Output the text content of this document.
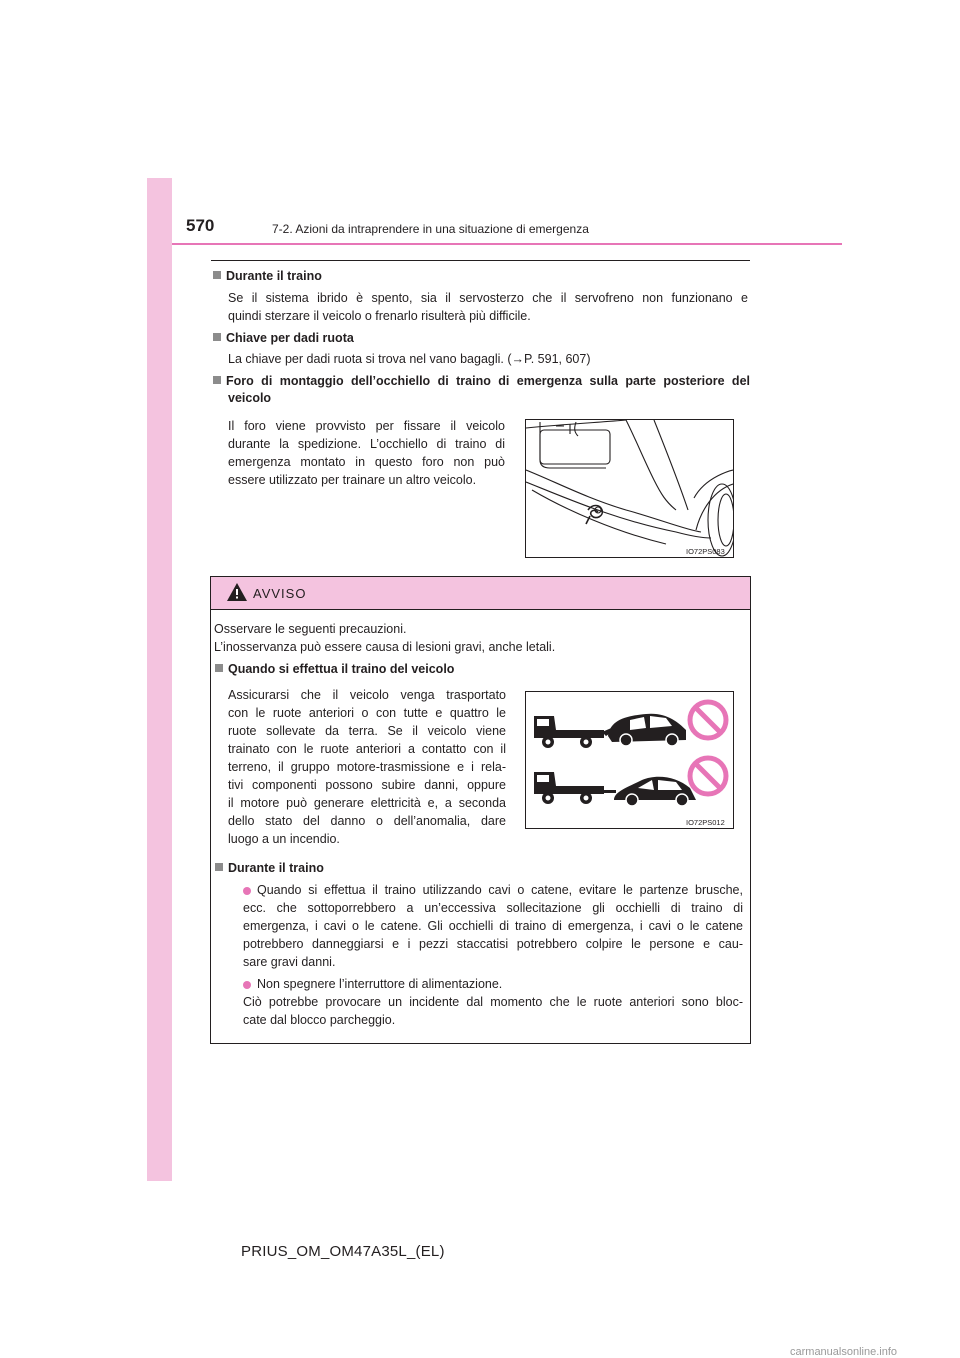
570	7-2. Azioni da intraprendere in una situazione di emergenza
Durante il traino
Se il sistema ibrido è spento, sia il servosterzo che il servofreno non funzionano e
quindi sterzare il veicolo o frenarlo risulterà più difficile.
Chiave per dadi ruota
La chiave per dadi ruota si trova nel vano bagagli. (→P. 591, 607)
Foro di montaggio dell’occhiello di traino di emergenza sulla parte posteriore del
veicolo
Il foro viene provvisto per fissare il veicolo
durante la spedizione. L’occhiello di traino di
emergenza montato in questo foro non può
essere utilizzato per trainare un altro veicolo.
IO72PS083
AVVISO
Osservare le seguenti precauzioni.
L’inosservanza può essere causa di lesioni gravi, anche letali.
Quando si effettua il traino del veicolo
Assicurarsi che il veicolo venga trasportato
con le ruote anteriori o con tutte e quattro le
ruote sollevate da terra. Se il veicolo viene
trainato con le ruote anteriori a contatto con il
terreno, il gruppo motore-trasmissione e i rela-
tivi componenti possono subire danni, oppure
il motore può generare elettricità e, a seconda
dello stato del danno o dell’anomalia, dare
luogo a un incendio.
IO72PS012
Durante il traino
Quando si effettua il traino utilizzando cavi o catene, evitare le partenze brusche,
ecc. che sottoporrebbero a un’eccessiva sollecitazione gli occhielli di traino di
emergenza, i cavi o le catene. Gli occhielli di traino di emergenza, i cavi o le catene
potrebbero danneggiarsi e i pezzi staccatisi potrebbero colpire le persone e cau-
sare gravi danni.
Non spegnere l’interruttore di alimentazione.
Ciò potrebbe provocare un incidente dal momento che le ruote anteriori sono bloc-
cate dal blocco parcheggio.
PRIUS_OM_OM47A35L_(EL)
carmanualsonline.info
